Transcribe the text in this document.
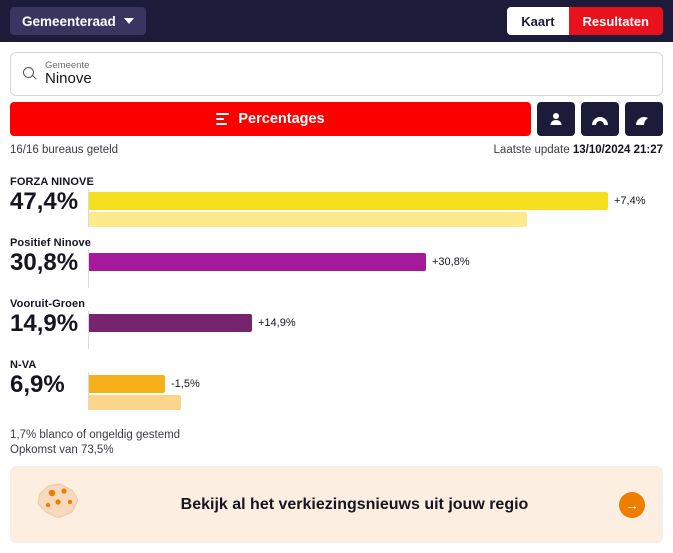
Gemeenteraad	Kaart	Resultaten
Gemeente
Ninove
Percentages
16/16 bureaus geteld	Laatste update 13/10/2024 21:27
FORZA NINOVE
47,4%	+7,4%
Positief Ninove
30,8%	+30,8%
Vooruit-Groen
14,9%	+14,9%
N-VA
6,9%	-1,5%
1,7% blanco of ongeldig gestemd
Opkomst van 73,5%
Bekijk al het verkiezingsnieuws uit jouw regio	→
